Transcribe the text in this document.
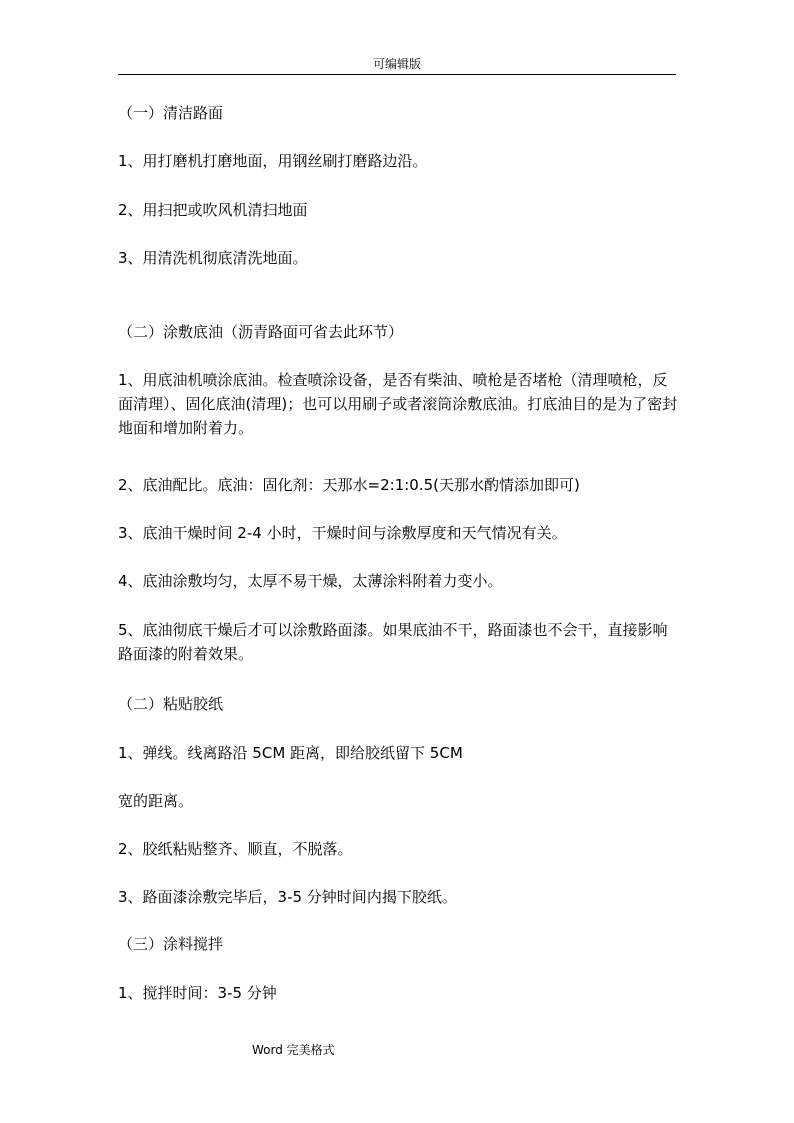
可编辑版

（一）清洁路面

1、用打磨机打磨地面，用钢丝刷打磨路边沿。

2、用扫把或吹风机清扫地面

3、用清洗机彻底清洗地面。

（二）涂敷底油（沥青路面可省去此环节）

1、用底油机喷涂底油。检查喷涂设备，是否有柴油、喷枪是否堵枪（清理喷枪，反面清理）、固化底油(清理)；也可以用刷子或者滚筒涂敷底油。打底油目的是为了密封地面和增加附着力。

2、底油配比。底油：固化剂：天那水=2:1:0.5(天那水酌情添加即可)

3、底油干燥时间 2-4 小时，干燥时间与涂敷厚度和天气情况有关。

4、底油涂敷均匀，太厚不易干燥，太薄涂料附着力变小。

5、底油彻底干燥后才可以涂敷路面漆。如果底油不干，路面漆也不会干，直接影响路面漆的附着效果。

（二）粘贴胶纸

1、弹线。线离路沿 5CM 距离，即给胶纸留下 5CM

宽的距离。

2、胶纸粘贴整齐、顺直，不脱落。

3、路面漆涂敷完毕后，3-5 分钟时间内揭下胶纸。

（三）涂料搅拌

1、搅拌时间：3-5 分钟

Word 完美格式
